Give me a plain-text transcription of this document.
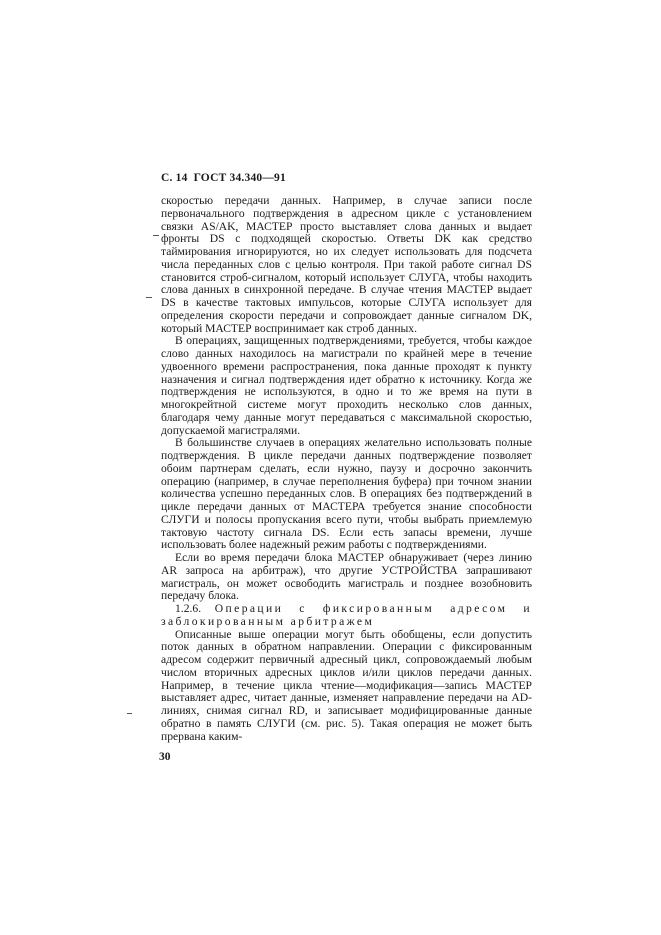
С. 14 ГОСТ 34.340—91

скоростью передачи данных. Например, в случае записи после первоначального подтверждения в адресном цикле с установлением связки AS/AK, МАСТЕР просто выставляет слова данных и выдает фронты DS с подходящей скоростью. Ответы DK как средство таймирования игнорируются, но их следует использовать для подсчета числа переданных слов с целью контроля. При такой работе сигнал DS становится строб-сигналом, который использует СЛУГА, чтобы находить слова данных в синхронной передаче. В случае чтения МАСТЕР выдает DS в качестве тактовых импульсов, которые СЛУГА использует для определения скорости передачи и сопровождает данные сигналом DK, который МАСТЕР воспринимает как строб данных.

В операциях, защищенных подтверждениями, требуется, чтобы каждое слово данных находилось на магистрали по крайней мере в течение удвоенного времени распространения, пока данные проходят к пункту назначения и сигнал подтверждения идет обратно к источнику. Когда же подтверждения не используются, в одно и то же время на пути в многокрейтной системе могут проходить несколько слов данных, благодаря чему данные могут передаваться с максимальной скоростью, допускаемой магистралями.

В большинстве случаев в операциях желательно использовать полные подтверждения. В цикле передачи данных подтверждение позволяет обоим партнерам сделать, если нужно, паузу и досрочно закончить операцию (например, в случае переполнения буфера) при точном знании количества успешно переданных слов. В операциях без подтверждений в цикле передачи данных от МАСТЕРА требуется знание способности СЛУГИ и полосы пропускания всего пути, чтобы выбрать приемлемую тактовую частоту сигнала DS. Если есть запасы времени, лучше использовать более надежный режим работы с подтверждениями.

Если во время передачи блока МАСТЕР обнаруживает (через линию AR запроса на арбитраж), что другие УСТРОЙСТВА запрашивают магистраль, он может освободить магистраль и позднее возобновить передачу блока.

1.2.6. Операции с фиксированным адресом и заблокированным арбитражем

Описанные выше операции могут быть обобщены, если допустить поток данных в обратном направлении. Операции с фиксированным адресом содержит первичный адресный цикл, сопровождаемый любым числом вторичных адресных циклов и/или циклов передачи данных. Например, в течение цикла чтение—модификация—запись МАСТЕР выставляет адрес, читает данные, изменяет направление передачи на AD-линиях, снимая сигнал RD, и записывает модифицированные данные обратно в память СЛУГИ (см. рис. 5). Такая операция не может быть прервана каким-

30
